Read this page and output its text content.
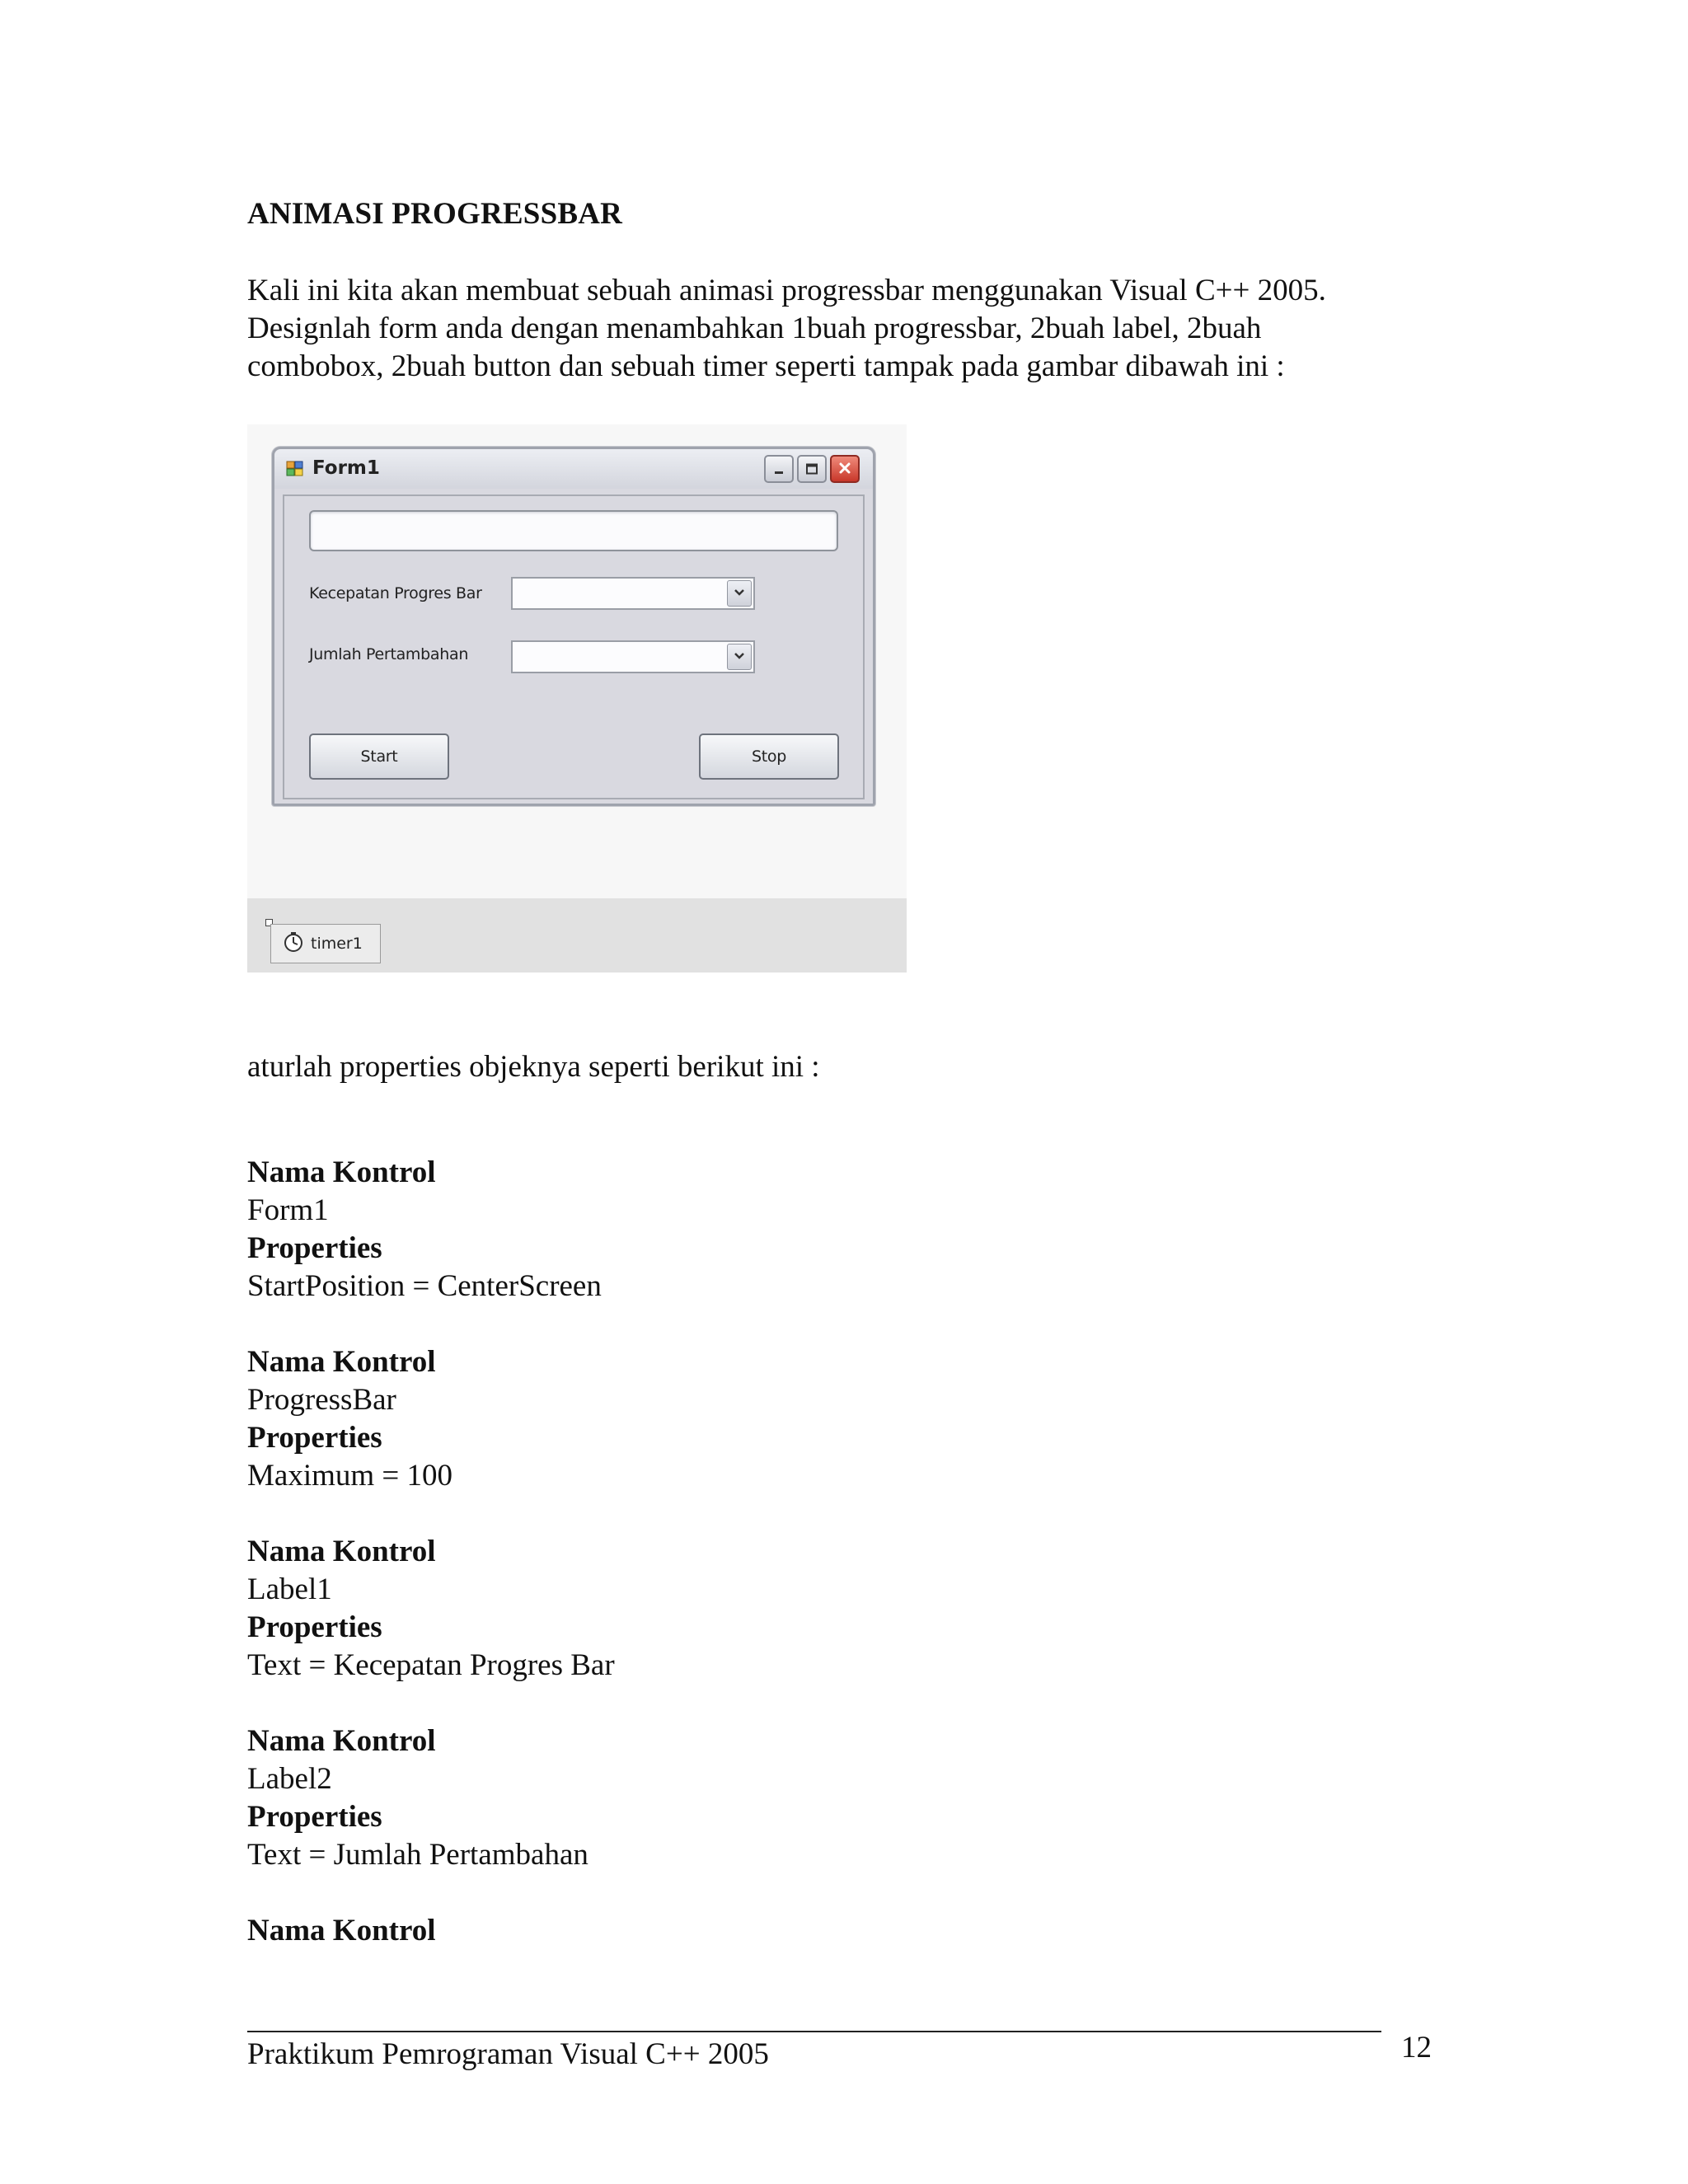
ANIMASI PROGRESSBAR
Kali ini kita akan membuat sebuah animasi progressbar menggunakan Visual C++ 2005.
Designlah form anda dengan menambahkan 1buah progressbar, 2buah label, 2buah
combobox, 2buah button dan sebuah timer seperti tampak pada gambar dibawah ini :
Form1
Kecepatan Progres Bar
Jumlah Pertambahan
Start	Stop
timer1
aturlah properties objeknya seperti berikut ini :
Nama Kontrol
Form1
Properties
StartPosition = CenterScreen
Nama Kontrol
ProgressBar
Properties
Maximum = 100
Nama Kontrol
Label1
Properties
Text = Kecepatan Progres Bar
Nama Kontrol
Label2
Properties
Text = Jumlah Pertambahan
Nama Kontrol
Praktikum Pemrograman Visual C++ 2005	12
